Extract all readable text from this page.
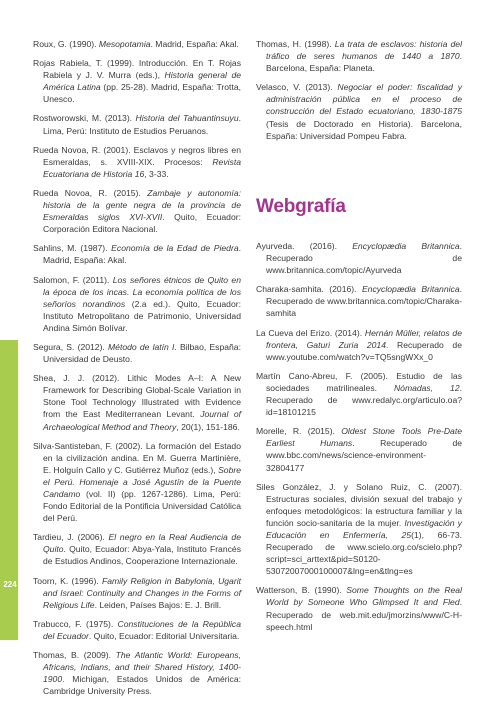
Roux, G. (1990). Mesopotamia. Madrid, España: Akal.

Rojas Rabiela, T. (1999). Introducción. En T. Rojas Rabiela y J. V. Murra (eds.), Historia general de América Latina (pp. 25-28). Madrid, España: Trotta, Unesco.

Rostworowski, M. (2013). Historia del Tahuantinsuyu. Lima, Perú: Instituto de Estudios Peruanos.

Rueda Novoa, R. (2001). Esclavos y negros libres en Esmeraldas, s. XVIII-XIX. Procesos: Revista Ecuatoriana de Historia 16, 3-33.

Rueda Novoa, R. (2015). Zambaje y autonomía: historia de la gente negra de la provincia de Esmeraldas siglos XVI-XVII. Quito, Ecuador: Corporación Editora Nacional.

Sahlins, M. (1987). Economía de la Edad de Piedra. Madrid, España: Akal.

Salomon, F. (2011). Los señores étnicos de Quito en la época de los incas. La economía política de los señoríos norandinos (2.a ed.). Quito, Ecuador: Instituto Metropolitano de Patrimonio, Universidad Andina Simón Bolívar.

Segura, S. (2012). Método de latín I. Bilbao, España: Universidad de Deusto.

Shea, J. J. (2012). Lithic Modes A–I: A New Framework for Describing Global-Scale Variation in Stone Tool Technology Illustrated with Evidence from the East Mediterranean Levant. Journal of Archaeological Method and Theory, 20(1), 151-186.

Silva-Santisteban, F. (2002). La formación del Estado en la civilización andina. En M. Guerra Martinière, E. Holguín Callo y C. Gutiérrez Muñoz (eds.), Sobre el Perú. Homenaje a José Agustín de la Puente Candamo (vol. II) (pp. 1267-1286). Lima, Perú: Fondo Editorial de la Pontificia Universidad Católica del Perú.

Tardieu, J. (2006). El negro en la Real Audiencia de Quito. Quito, Ecuador: Abya-Yala, Instituto Francés de Estudios Andinos, Cooperazione Internazionale.

Toorn, K. (1996). Family Religion in Babylonia, Ugarit and Israel: Continuity and Changes in the Forms of Religious Life. Leiden, Países Bajos: E. J. Brill.

Trabucco, F. (1975). Constituciones de la República del Ecuador. Quito, Ecuador: Editorial Universitaria.

Thomas, B. (2009). The Atlantic World: Europeans, Africans, Indians, and their Shared History, 1400-1900. Michigan, Estados Unidos de América: Cambridge University Press.

Thomas, H. (1998). La trata de esclavos: historia del tráfico de seres humanos de 1440 a 1870. Barcelona, España: Planeta.

Velasco, V. (2013). Negociar el poder: fiscalidad y administración pública en el proceso de construcción del Estado ecuatoriano, 1830-1875 (Tesis de Doctorado en Historia). Barcelona, España: Universidad Pompeu Fabra.

Webgrafía

Ayurveda. (2016). Encyclopædia Britannica. Recuperado de www.britannica.com/topic/Ayurveda

Charaka-samhita. (2016). Encyclopædia Britannica. Recuperado de www.britannica.com/topic/Charaka-samhita

La Cueva del Erizo. (2014). Hernán Müller, relatos de frontera, Gaturi Zuria 2014. Recuperado de www.youtube.com/watch?v=TQ5sngWXx_0

Martín Cano-Abreu, F. (2005). Estudio de las sociedades matrilineales. Nómadas, 12. Recuperado de www.redalyc.org/articulo.oa?id=18101215

Morelle, R. (2015). Oldest Stone Tools Pre-Date Earliest Humans. Recuperado de www.bbc.com/news/science-environment-32804177

Siles González, J. y Solano Ruiz, C. (2007). Estructuras sociales, división sexual del trabajo y enfoques metodológicos: la estructura familiar y la función socio-sanitaria de la mujer. Investigación y Educación en Enfermería, 25(1), 66-73. Recuperado de www.scielo.org.co/scielo.php?script=sci_arttext&pid=S0120-53072007000100007&lng=en&tlng=es

Watterson, B. (1990). Some Thoughts on the Real World by Someone Who Glimpsed It and Fled. Recuperado de web.mit.edu/jmorzins/www/C-H-speech.html

224
